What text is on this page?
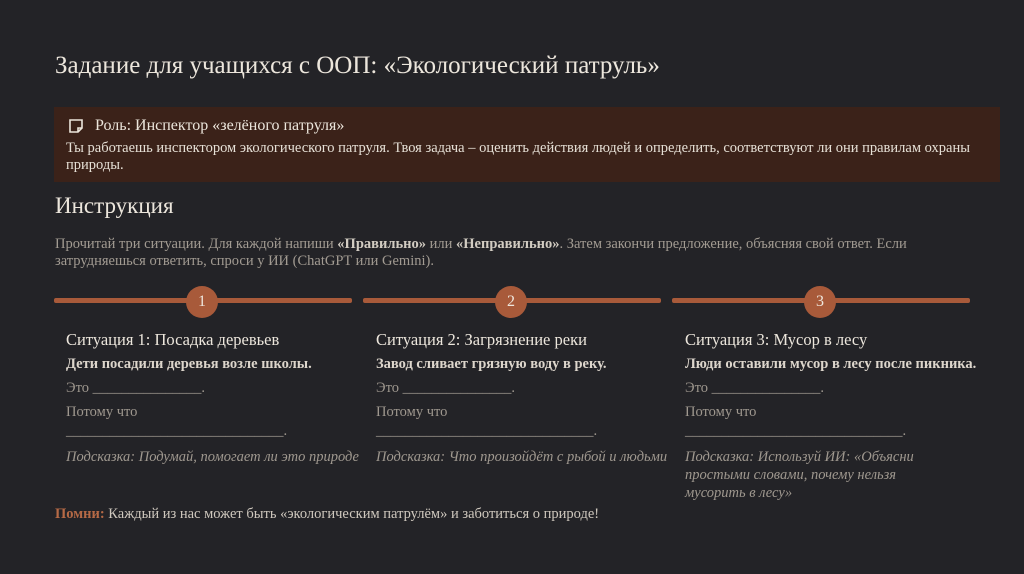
Задание для учащихся с ООП: «Экологический патруль»
Роль: Инспектор «зелёного патруля»
Ты работаешь инспектором экологического патруля. Твоя задача – оценить действия людей и определить, соответствуют ли они правилам охраны природы.
Инструкция
Прочитай три ситуации. Для каждой напиши «Правильно» или «Неправильно». Затем закончи предложение, объясняя свой ответ. Если затрудняешься ответить, спроси у ИИ (ChatGPT или Gemini).
1	2	3
Ситуация 1: Посадка деревьев
Дети посадили деревья возле школы.
Это _______________.
Потому что
______________________________.
Подсказка: Подумай, помогает ли это природе
Ситуация 2: Загрязнение реки
Завод сливает грязную воду в реку.
Это _______________.
Потому что
______________________________.
Подсказка: Что произойдёт с рыбой и людьми
Ситуация 3: Мусор в лесу
Люди оставили мусор в лесу после пикника.
Это _______________.
Потому что
______________________________.
Подсказка: Используй ИИ: «Объясни простыми словами, почему нельзя мусорить в лесу»
Помни: Каждый из нас может быть «экологическим патрулём» и заботиться о природе!
